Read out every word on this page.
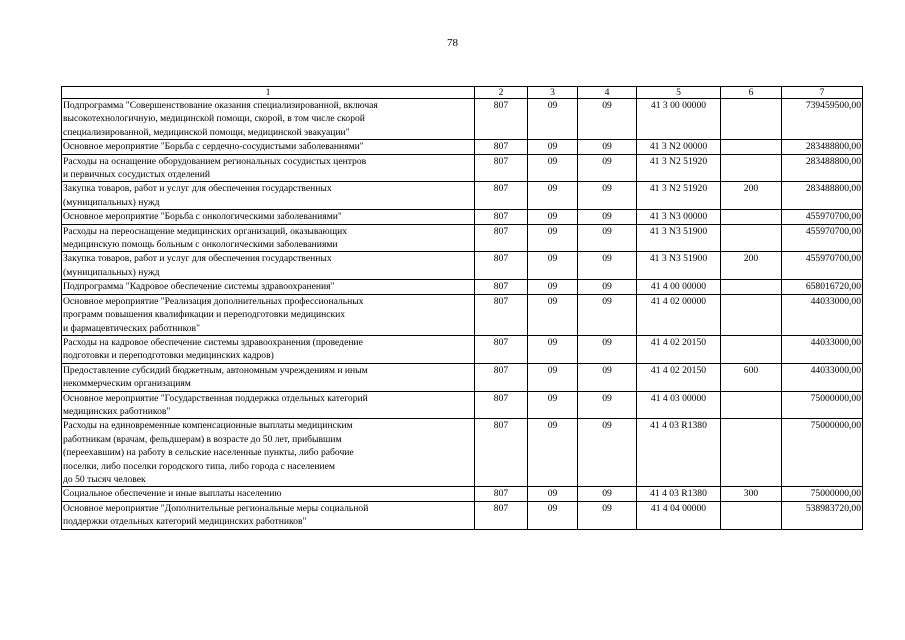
78
1	2	3	4	5	6	7
Подпрограмма "Совершенствование оказания специализированной, включая
высокотехнологичную, медицинской помощи, скорой, в том числе скорой
специализированной, медицинской помощи, медицинской эвакуации"	807	09	09	41 3 00 00000		739459500,00
Основное мероприятие "Борьба с сердечно-сосудистыми заболеваниями"	807	09	09	41 3 N2 00000		283488800,00
Расходы на оснащение оборудованием региональных сосудистых центров
и первичных сосудистых отделений	807	09	09	41 3 N2 51920		283488800,00
Закупка товаров, работ и услуг для обеспечения государственных
(муниципальных) нужд	807	09	09	41 3 N2 51920	200	283488800,00
Основное мероприятие "Борьба с онкологическими заболеваниями"	807	09	09	41 3 N3 00000		455970700,00
Расходы на переоснащение медицинских организаций, оказывающих
медицинскую помощь больным с онкологическими заболеваниями	807	09	09	41 3 N3 51900		455970700,00
Закупка товаров, работ и услуг для обеспечения государственных
(муниципальных) нужд	807	09	09	41 3 N3 51900	200	455970700,00
Подпрограмма "Кадровое обеспечение системы здравоохранения"	807	09	09	41 4 00 00000		658016720,00
Основное мероприятие "Реализация дополнительных профессиональных
программ повышения квалификации и переподготовки медицинских
и фармацевтических работников"	807	09	09	41 4 02 00000		44033000,00
Расходы на кадровое обеспечение системы здравоохранения (проведение
подготовки и переподготовки медицинских кадров)	807	09	09	41 4 02 20150		44033000,00
Предоставление субсидий бюджетным, автономным учреждениям и иным
некоммерческим организациям	807	09	09	41 4 02 20150	600	44033000,00
Основное мероприятие "Государственная поддержка отдельных категорий
медицинских работников"	807	09	09	41 4 03 00000		75000000,00
Расходы на единовременные компенсационные выплаты медицинским
работникам (врачам, фельдшерам) в возрасте до 50 лет, прибывшим
(переехавшим) на работу в сельские населенные пункты, либо рабочие
поселки, либо поселки городского типа, либо города с населением
до 50 тысяч человек	807	09	09	41 4 03 R1380		75000000,00
Социальное обеспечение и иные выплаты населению	807	09	09	41 4 03 R1380	300	75000000,00
Основное мероприятие "Дополнительные региональные меры социальной
поддержки отдельных категорий медицинских работников"	807	09	09	41 4 04 00000		538983720,00
